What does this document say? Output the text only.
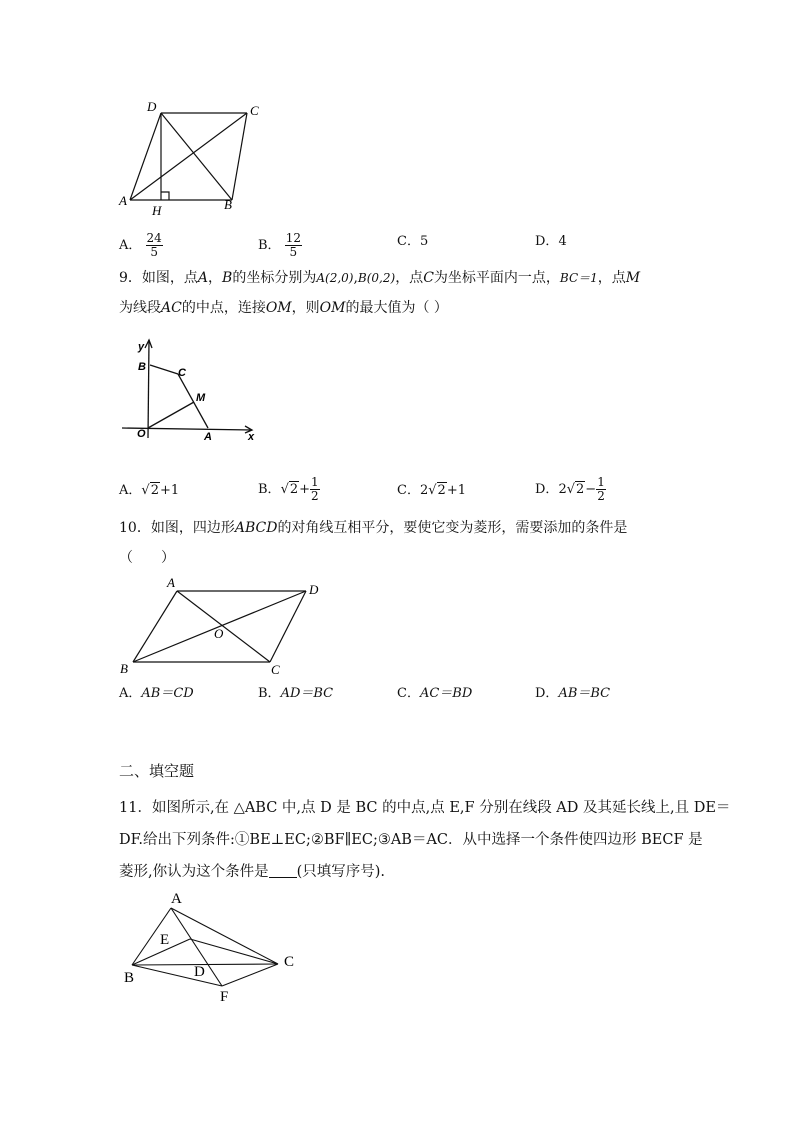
D	C
A
H	B
A． $\frac{24}{5}$	B． $\frac{12}{5}$	C．5	D．4
9．如图，点A，B的坐标分别为A(2,0),B(0,2)，点C为坐标平面内一点，BC＝1，点M
为线段AC的中点，连接OM，则OM的最大值为（ ）
y
B	C
M
O	A	x
A．√2+1	B．$√2+ \frac{1}{2}$	C．2√2+1	D．$2√2- \frac{1}{2}$
10．如图，四边形ABCD的对角线互相平分，要使它变为菱形，需要添加的条件是
（　　）
A	D
O
B	C
A．AB＝CD	B．AD＝BC	C．AC＝BD	D．AB＝BC
二、填空题
11．如图所示,在 △ABC 中,点 D 是 BC 的中点,点 E,F 分别在线段 AD 及其延长线上,且 DE＝
DF.给出下列条件:①BE⊥EC;②BF∥EC;③AB＝AC．从中选择一个条件使四边形 BECF 是
菱形,你认为这个条件是 (只填写序号).
A
E
B	D
C
F
